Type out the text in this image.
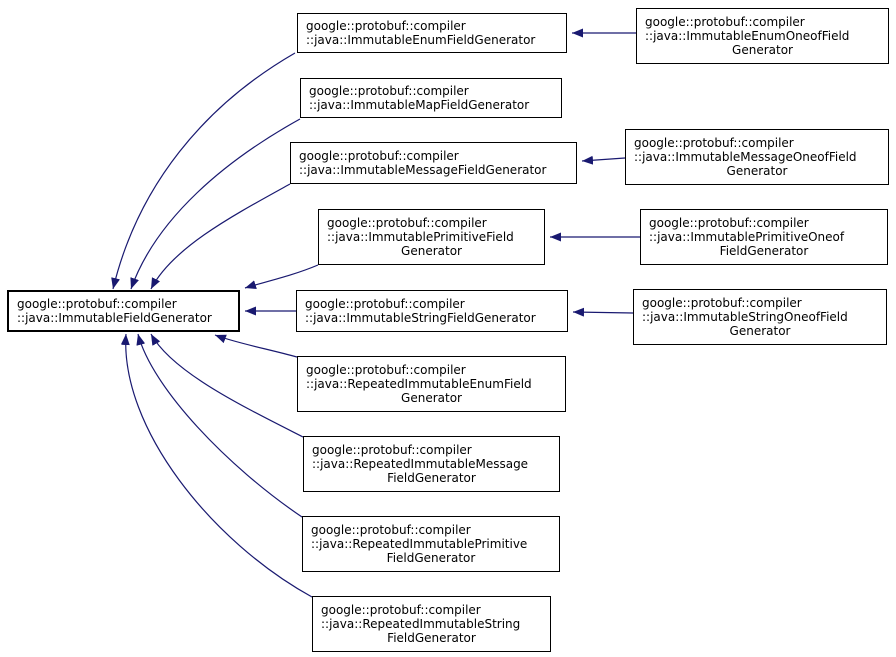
google::protobuf::compiler
::java::ImmutableFieldGenerator
google::protobuf::compiler
::java::ImmutableEnumFieldGenerator
google::protobuf::compiler
::java::ImmutableMapFieldGenerator
google::protobuf::compiler
::java::ImmutableMessageFieldGenerator
google::protobuf::compiler
::java::ImmutablePrimitiveField
Generator
google::protobuf::compiler
::java::ImmutableStringFieldGenerator
google::protobuf::compiler
::java::RepeatedImmutableEnumField
Generator
google::protobuf::compiler
::java::RepeatedImmutableMessage
FieldGenerator
google::protobuf::compiler
::java::RepeatedImmutablePrimitive
FieldGenerator
google::protobuf::compiler
::java::RepeatedImmutableString
FieldGenerator
google::protobuf::compiler
::java::ImmutableEnumOneofField
Generator
google::protobuf::compiler
::java::ImmutableMessageOneofField
Generator
google::protobuf::compiler
::java::ImmutablePrimitiveOneof
FieldGenerator
google::protobuf::compiler
::java::ImmutableStringOneofField
Generator
